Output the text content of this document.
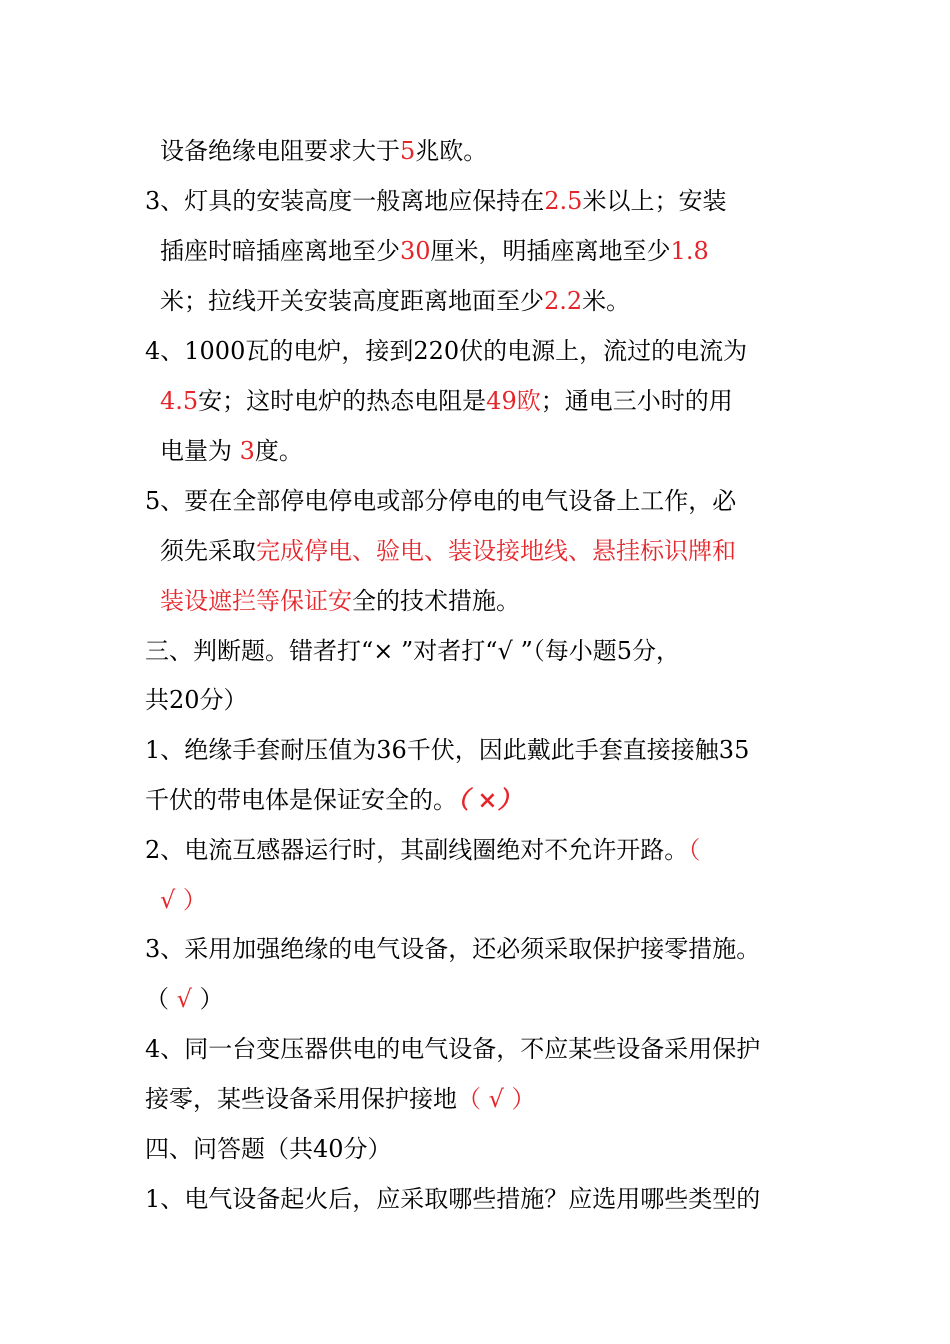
设备绝缘电阻要求大于5兆欧。
3、灯具的安装高度一般离地应保持在2.5米以上；安装
插座时暗插座离地至少30厘米，明插座离地至少1.8
米；拉线开关安装高度距离地面至少2.2米。
4、1000瓦的电炉，接到220伏的电源上，流过的电流为
4.5安；这时电炉的热态电阻是49欧；通电三小时的用
电量为 3度。
5、要在全部停电停电或部分停电的电气设备上工作，必
须先采取完成停电、验电、装设接地线、悬挂标识牌和
装设遮拦等保证安全的技术措施。
三、判断题。错者打“× ”对者打“√ ”（每小题5分，
共20分）
1、绝缘手套耐压值为36千伏，因此戴此手套直接接触35
千伏的带电体是保证安全的。（ ×）
2、电流互感器运行时，其副线圈绝对不允许开路。（
√ ）
3、采用加强绝缘的电气设备，还必须采取保护接零措施。
（ √ ）
4、同一台变压器供电的电气设备，不应某些设备采用保护
接零，某些设备采用保护接地（ √ ）
四、问答题（共40分）
1、电气设备起火后，应采取哪些措施？应选用哪些类型的
